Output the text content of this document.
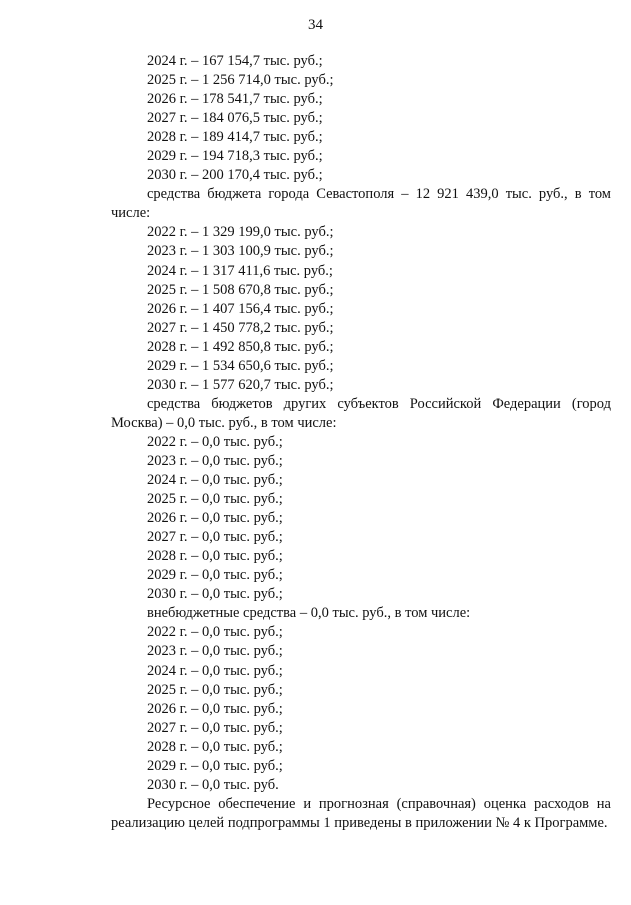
34
2024 г. – 167 154,7 тыс. руб.;
2025 г. – 1 256 714,0 тыс. руб.;
2026 г. – 178 541,7 тыс. руб.;
2027 г. – 184 076,5 тыс. руб.;
2028 г. – 189 414,7 тыс. руб.;
2029 г. – 194 718,3 тыс. руб.;
2030 г. – 200 170,4 тыс. руб.;
средства бюджета города Севастополя – 12 921 439,0 тыс. руб., в том числе:
2022 г. – 1 329 199,0 тыс. руб.;
2023 г. – 1 303 100,9 тыс. руб.;
2024 г. – 1 317 411,6 тыс. руб.;
2025 г. – 1 508 670,8 тыс. руб.;
2026 г. – 1 407 156,4 тыс. руб.;
2027 г. – 1 450 778,2 тыс. руб.;
2028 г. – 1 492 850,8 тыс. руб.;
2029 г. – 1 534 650,6 тыс. руб.;
2030 г. – 1 577 620,7 тыс. руб.;
средства бюджетов других субъектов Российской Федерации (город Москва) – 0,0 тыс. руб., в том числе:
2022 г. – 0,0 тыс. руб.;
2023 г. – 0,0 тыс. руб.;
2024 г. – 0,0 тыс. руб.;
2025 г. – 0,0 тыс. руб.;
2026 г. – 0,0 тыс. руб.;
2027 г. – 0,0 тыс. руб.;
2028 г. – 0,0 тыс. руб.;
2029 г. – 0,0 тыс. руб.;
2030 г. – 0,0 тыс. руб.;
внебюджетные средства – 0,0 тыс. руб., в том числе:
2022 г. – 0,0 тыс. руб.;
2023 г. – 0,0 тыс. руб.;
2024 г. – 0,0 тыс. руб.;
2025 г. – 0,0 тыс. руб.;
2026 г. – 0,0 тыс. руб.;
2027 г. – 0,0 тыс. руб.;
2028 г. – 0,0 тыс. руб.;
2029 г. – 0,0 тыс. руб.;
2030 г. – 0,0 тыс. руб.
Ресурсное обеспечение и прогнозная (справочная) оценка расходов на реализацию целей подпрограммы 1 приведены в приложении № 4 к Программе.
